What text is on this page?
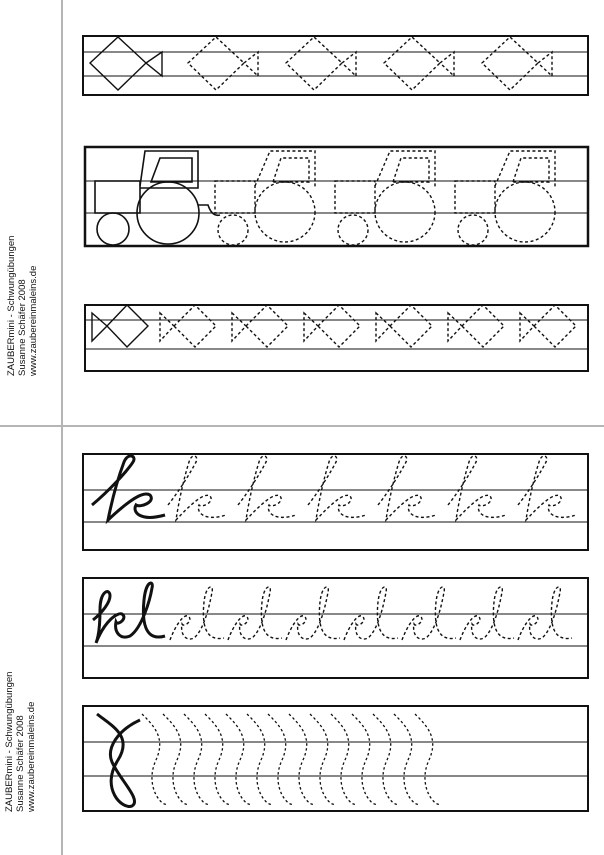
ZAUBERmini - Schwungübungen Susanne Schäfer 2008 www.zaubereinmaleins.de
ZAUBERmini - Schwungübungen Susanne Schäfer 2008 www.zaubereinmaleins.de
